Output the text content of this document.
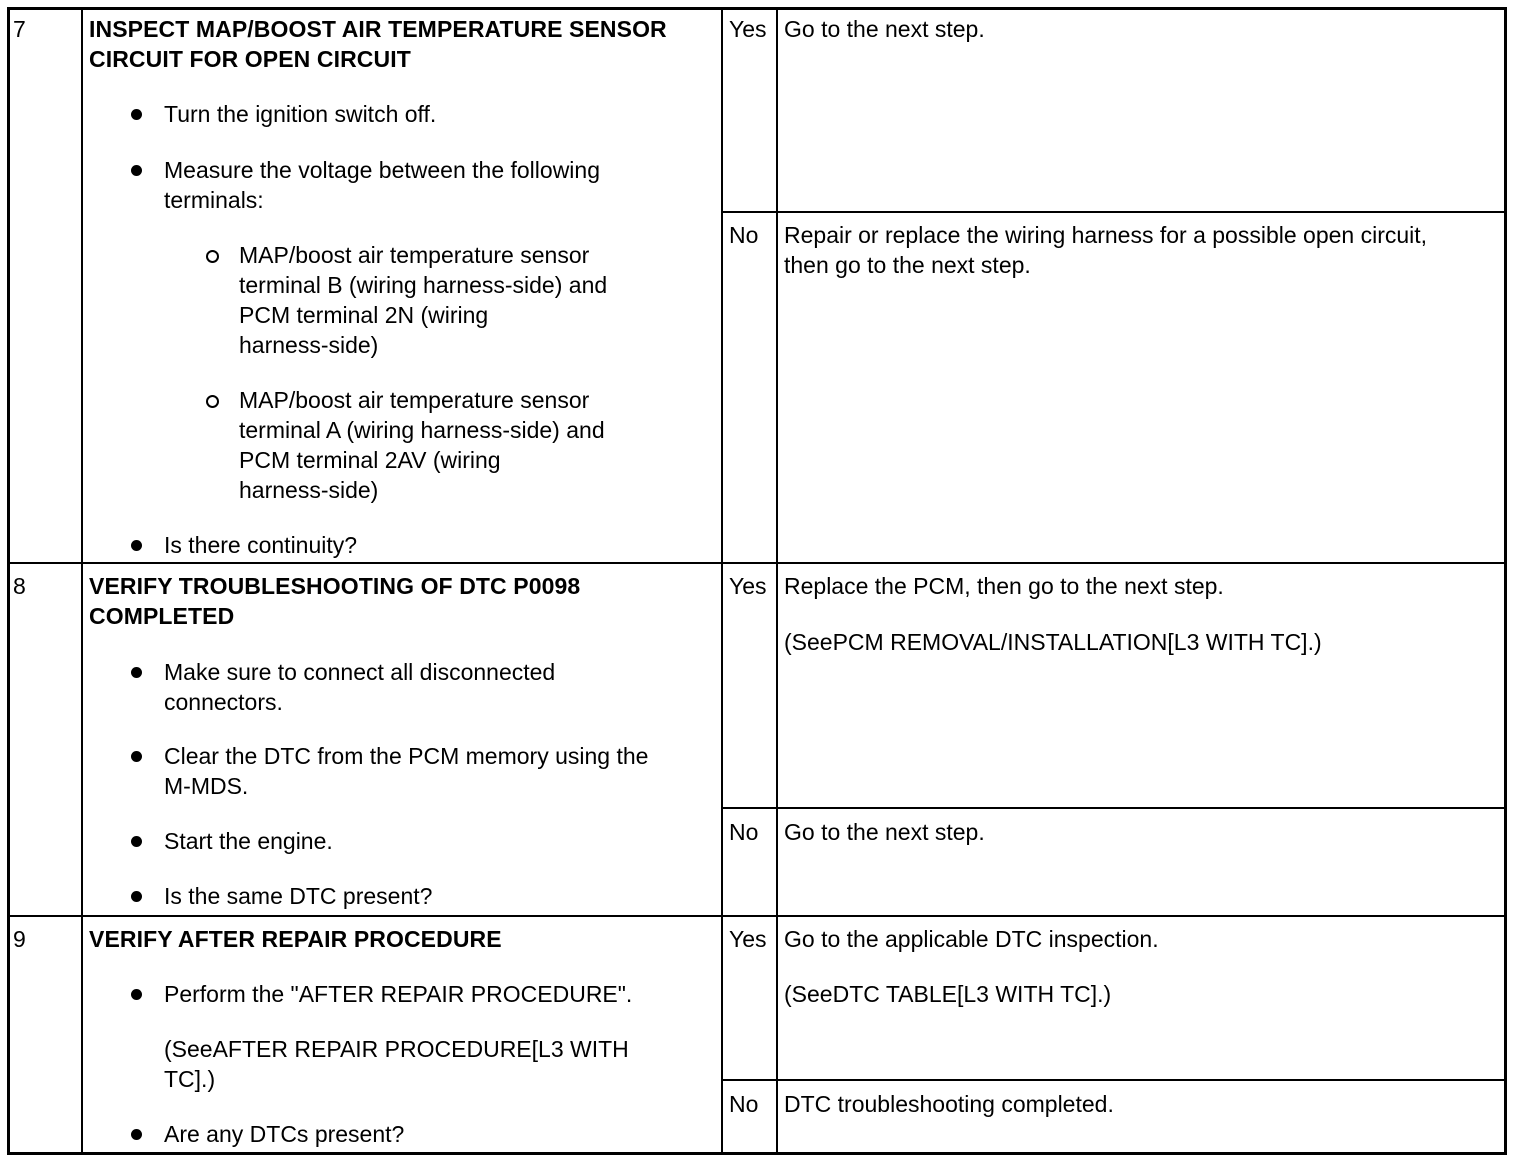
7	INSPECT MAP/BOOST AIR TEMPERATURE SENSOR
CIRCUIT FOR OPEN CIRCUIT
Turn the ignition switch off.
Measure the voltage between the following
terminals:
MAP/boost air temperature sensor
terminal B (wiring harness-side) and
PCM terminal 2N (wiring
harness-side)
MAP/boost air temperature sensor
terminal A (wiring harness-side) and
PCM terminal 2AV (wiring
harness-side)
Is there continuity?
Yes Go to the next step.
No Repair or replace the wiring harness for a possible open circuit,
then go to the next step.
8	VERIFY TROUBLESHOOTING OF DTC P0098
COMPLETED
Make sure to connect all disconnected
connectors.
Clear the DTC from the PCM memory using the
M-MDS.
Start the engine.
Is the same DTC present?
Yes Replace the PCM, then go to the next step.
(SeePCM REMOVAL/INSTALLATION[L3 WITH TC].)
No Go to the next step.
9	VERIFY AFTER REPAIR PROCEDURE
Perform the "AFTER REPAIR PROCEDURE".
(SeeAFTER REPAIR PROCEDURE[L3 WITH
TC].)
Are any DTCs present?
Yes Go to the applicable DTC inspection.
(SeeDTC TABLE[L3 WITH TC].)
No DTC troubleshooting completed.
